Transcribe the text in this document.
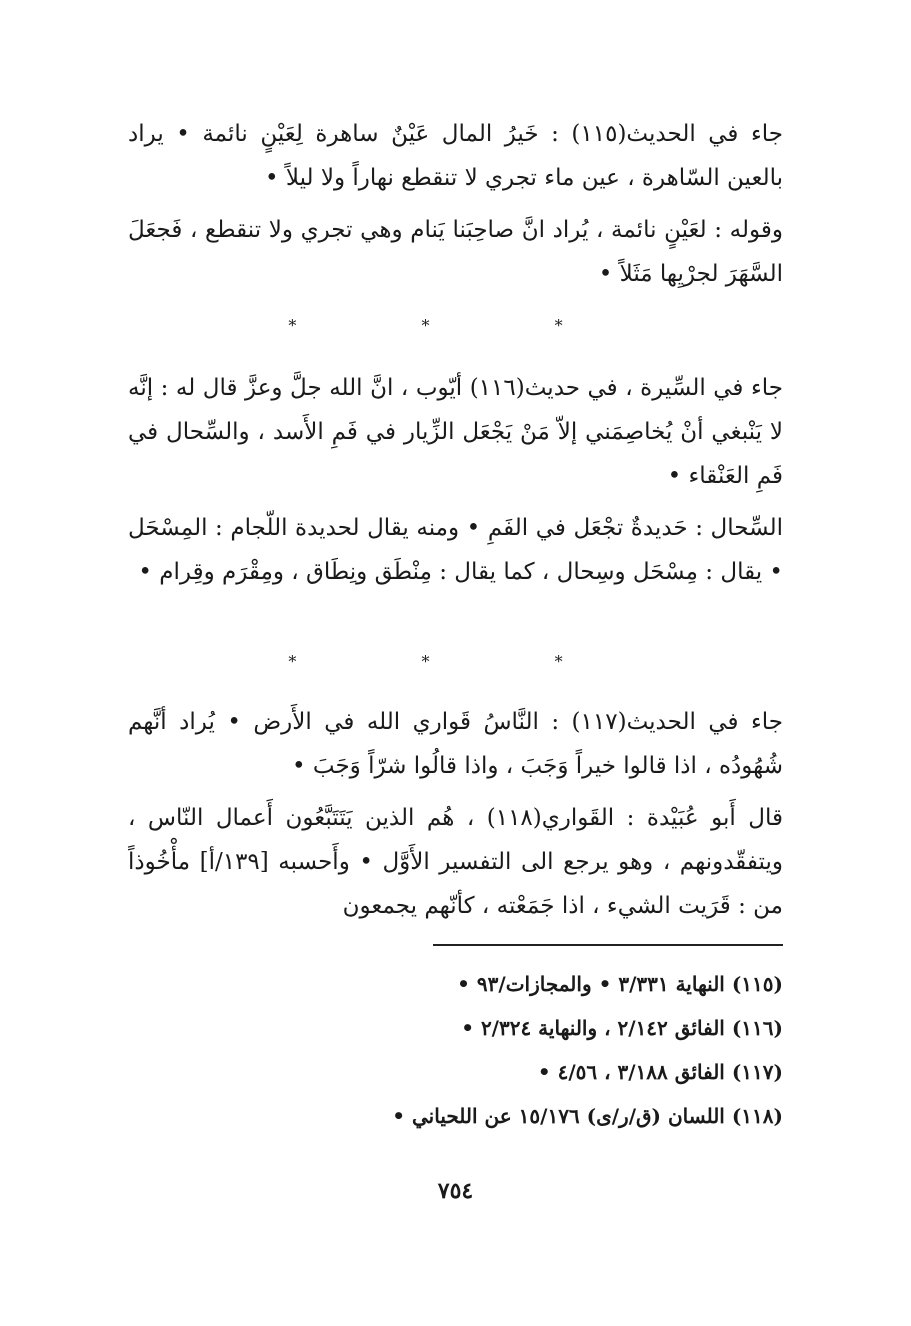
جاء في الحديث(١١٥) : خَيرُ المال عَيْنٌ ساهرة لِعَيْنٍ نائمة • يراد بالعين السّاهرة ، عين ماء تجري لا تنقطع نهاراً ولا ليلاً •

وقوله : لعَيْنٍ نائمة ، يُراد انَّ صاحِبَنا يَنام وهي تجري ولا تنقطع ، فَجعَلَ السَّهَرَ لجرْيِها مَثَلاً •

* * *

جاء في السِّيرة ، في حديث(١١٦) أيّوب ، انَّ الله جلَّ وعزَّ قال له : إنَّه لا يَنْبغي أنْ يُخاصِمَني إلاّ مَنْ يَجْعَل الزِّيار في فَمِ الأَسد ، والسِّحال في فَمِ العَنْقاء •

السِّحال : حَديدةٌ تجْعَل في الفَمِ • ومنه يقال لحديدة اللّجام : المِسْحَل • يقال : مِسْحَل وسِحال ، كما يقال : مِنْطَق ونِطَاق ، ومِقْرَم وقِرام •

* * *

جاء في الحديث(١١٧) : النَّاسُ قَواري الله في الأَرض • يُراد أنَّهم شُهُودُه ، اذا قالوا خيراً وَجَبَ ، واذا قالُوا شرّاً وَجَبَ •

قال أَبو عُبَيْدة : القَواري(١١٨) ، هُم الذين يَتَتَبَّعُون أَعمال النّاس ، ويتفقّدونهم ، وهو يرجع الى التفسير الأَوَّل • وأَحسبه [١٣٩/أ] مأْخُوذاً من : قَرَيت الشيء ، اذا جَمَعْته ، كأنّهم يجمعون

(١١٥) النهاية ٣/٣٣١ • والمجازات/٩٣ •

(١١٦) الفائق ٢/١٤٢ ، والنهاية ٢/٣٢٤ •

(١١٧) الفائق ٣/١٨٨ ، ٤/٥٦ •

(١١٨) اللسان (ق/ر/ى) ١٥/١٧٦ عن اللحياني •

٧٥٤
